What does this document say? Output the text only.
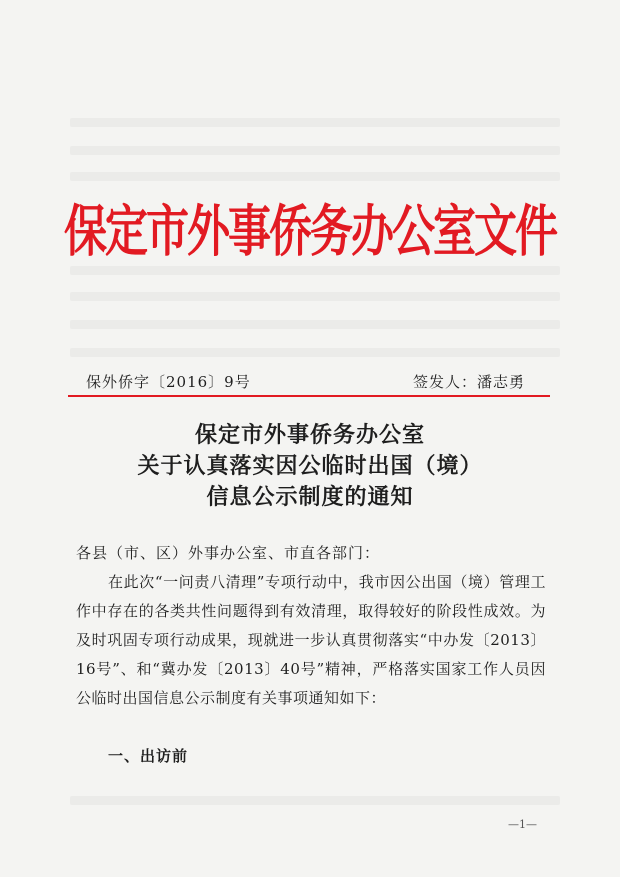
保定市外事侨务办公室文件
保外侨字〔2016〕9号	签发人：潘志勇
保定市外事侨务办公室
关于认真落实因公临时出国（境）
信息公示制度的通知
各县（市、区）外事办公室、市直各部门：
在此次“一问责八清理”专项行动中，我市因公出国（境）管理工作中存在的各类共性问题得到有效清理，取得较好的阶段性成效。为及时巩固专项行动成果，现就进一步认真贯彻落实“中办发〔2013〕16号”、和“冀办发〔2013〕40号”精神，严格落实国家工作人员因公临时出国信息公示制度有关事项通知如下：
一、出访前
—1—
